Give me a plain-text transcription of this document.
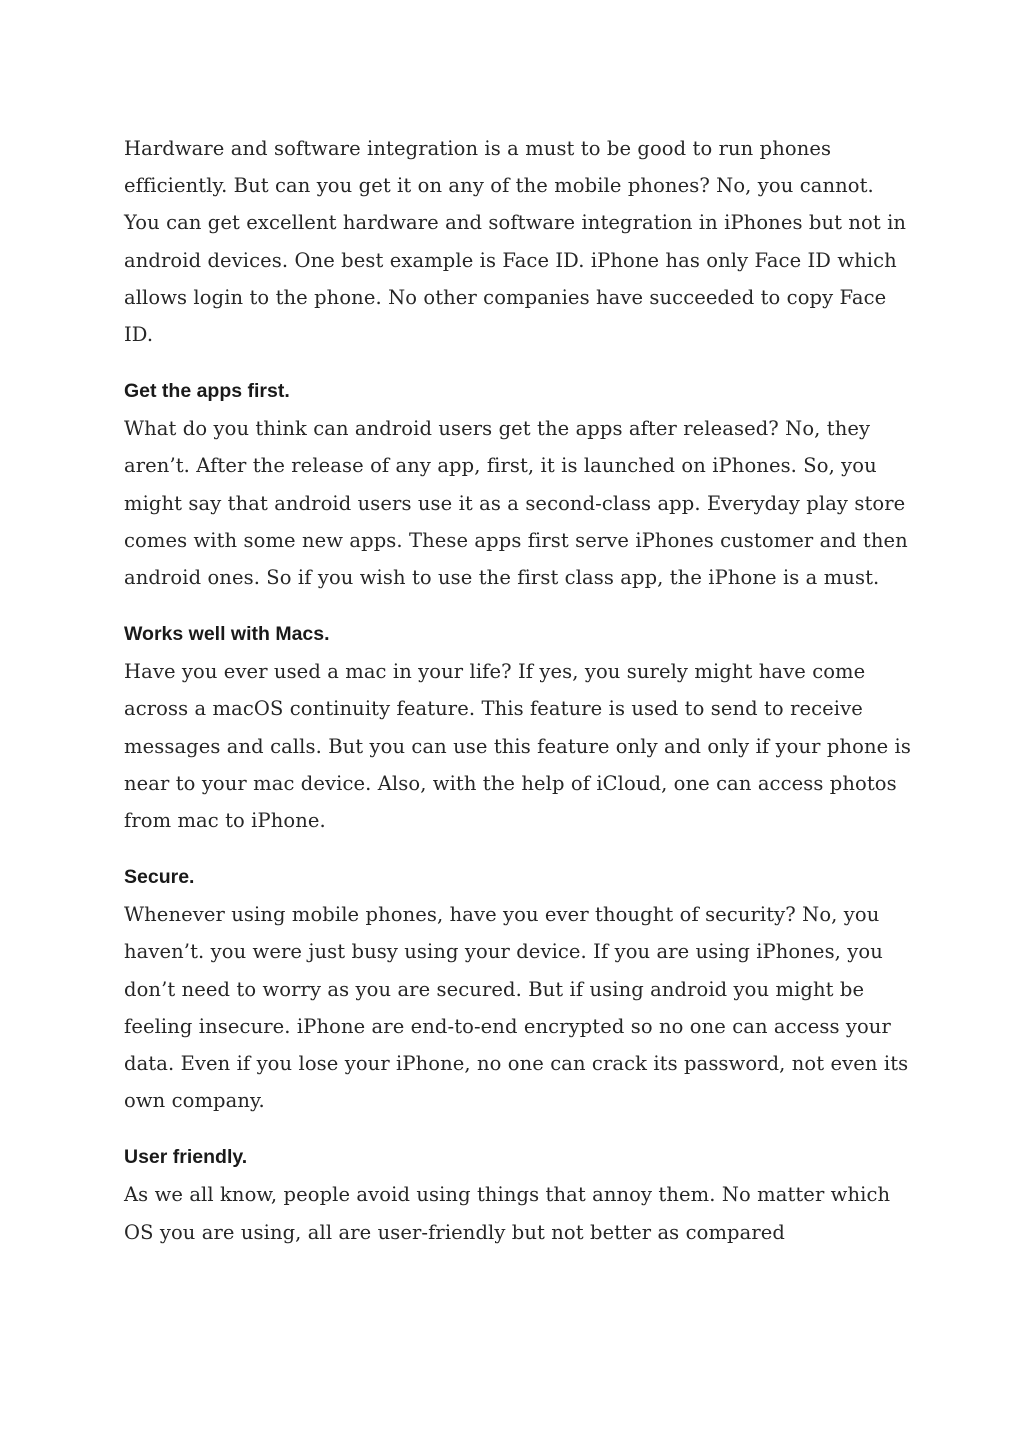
Hardware and software integration is a must to be good to run phones efficiently. But can you get it on any of the mobile phones? No, you cannot. You can get excellent hardware and software integration in iPhones but not in android devices. One best example is Face ID. iPhone has only Face ID which allows login to the phone. No other companies have succeeded to copy Face ID.

Get the apps first.

What do you think can android users get the apps after released? No, they aren’t. After the release of any app, first, it is launched on iPhones. So, you might say that android users use it as a second-class app. Everyday play store comes with some new apps. These apps first serve iPhones customer and then android ones. So if you wish to use the first class app, the iPhone is a must.

Works well with Macs.

Have you ever used a mac in your life? If yes, you surely might have come across a macOS continuity feature. This feature is used to send to receive messages and calls. But you can use this feature only and only if your phone is near to your mac device. Also, with the help of iCloud, one can access photos from mac to iPhone.

Secure.

Whenever using mobile phones, have you ever thought of security? No, you haven’t. you were just busy using your device. If you are using iPhones, you don’t need to worry as you are secured. But if using android you might be feeling insecure. iPhone are end-to-end encrypted so no one can access your data. Even if you lose your iPhone, no one can crack its password, not even its own company.

User friendly.

As we all know, people avoid using things that annoy them. No matter which OS you are using, all are user-friendly but not better as compared
